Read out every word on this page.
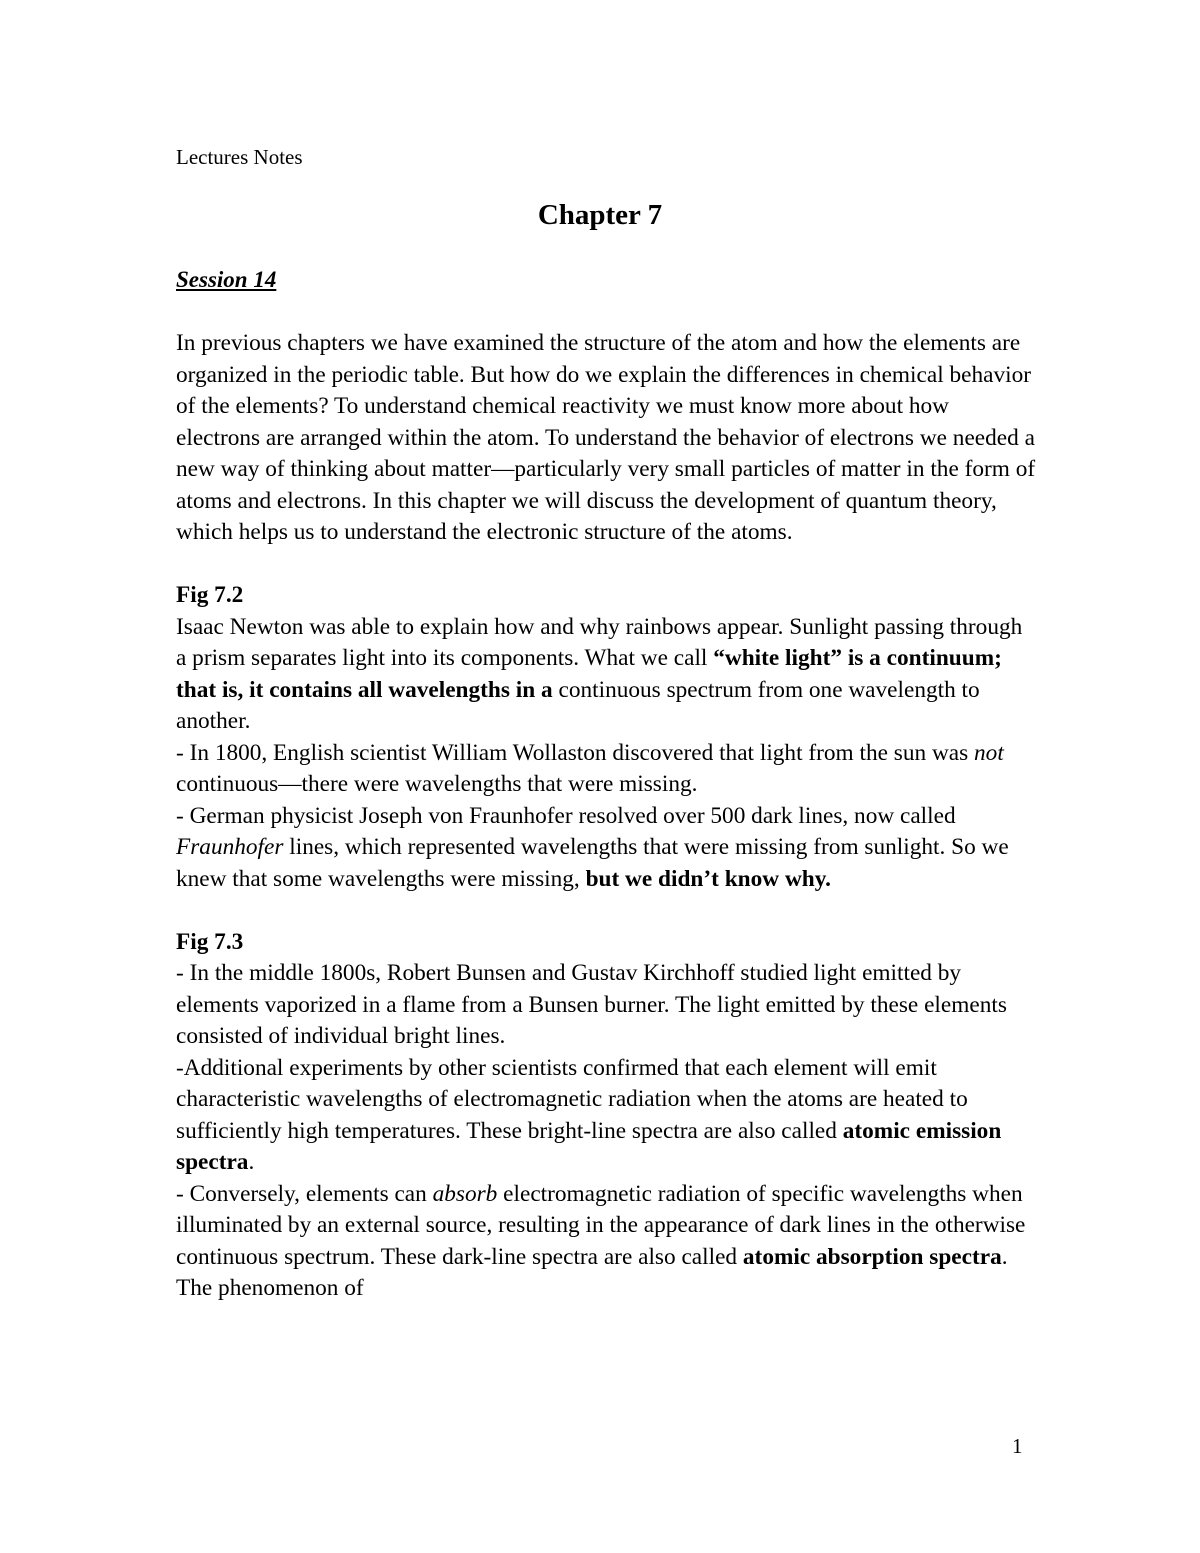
Lectures Notes
Chapter 7
Session 14

In previous chapters we have examined the structure of the atom and how the elements are organized in the periodic table. But how do we explain the differences in chemical behavior of the elements? To understand chemical reactivity we must know more about how electrons are arranged within the atom. To understand the behavior of electrons we needed a new way of thinking about matter—particularly very small particles of matter in the form of atoms and electrons. In this chapter we will discuss the development of quantum theory, which helps us to understand the electronic structure of the atoms.

Fig 7.2

Isaac Newton was able to explain how and why rainbows appear. Sunlight passing through a prism separates light into its components. What we call “white light” is a continuum; that is, it contains all wavelengths in a continuous spectrum from one wavelength to another.

- In 1800, English scientist William Wollaston discovered that light from the sun was not continuous—there were wavelengths that were missing.

- German physicist Joseph von Fraunhofer resolved over 500 dark lines, now called Fraunhofer lines, which represented wavelengths that were missing from sunlight. So we knew that some wavelengths were missing, but we didn’t know why.

Fig 7.3

- In the middle 1800s, Robert Bunsen and Gustav Kirchhoff studied light emitted by elements vaporized in a flame from a Bunsen burner. The light emitted by these elements consisted of individual bright lines.

-Additional experiments by other scientists confirmed that each element will emit characteristic wavelengths of electromagnetic radiation when the atoms are heated to sufficiently high temperatures. These bright-line spectra are also called atomic emission spectra.

- Conversely, elements can absorb electromagnetic radiation of specific wavelengths when illuminated by an external source, resulting in the appearance of dark lines in the otherwise continuous spectrum. These dark-line spectra are also called atomic absorption spectra. The phenomenon of

1
